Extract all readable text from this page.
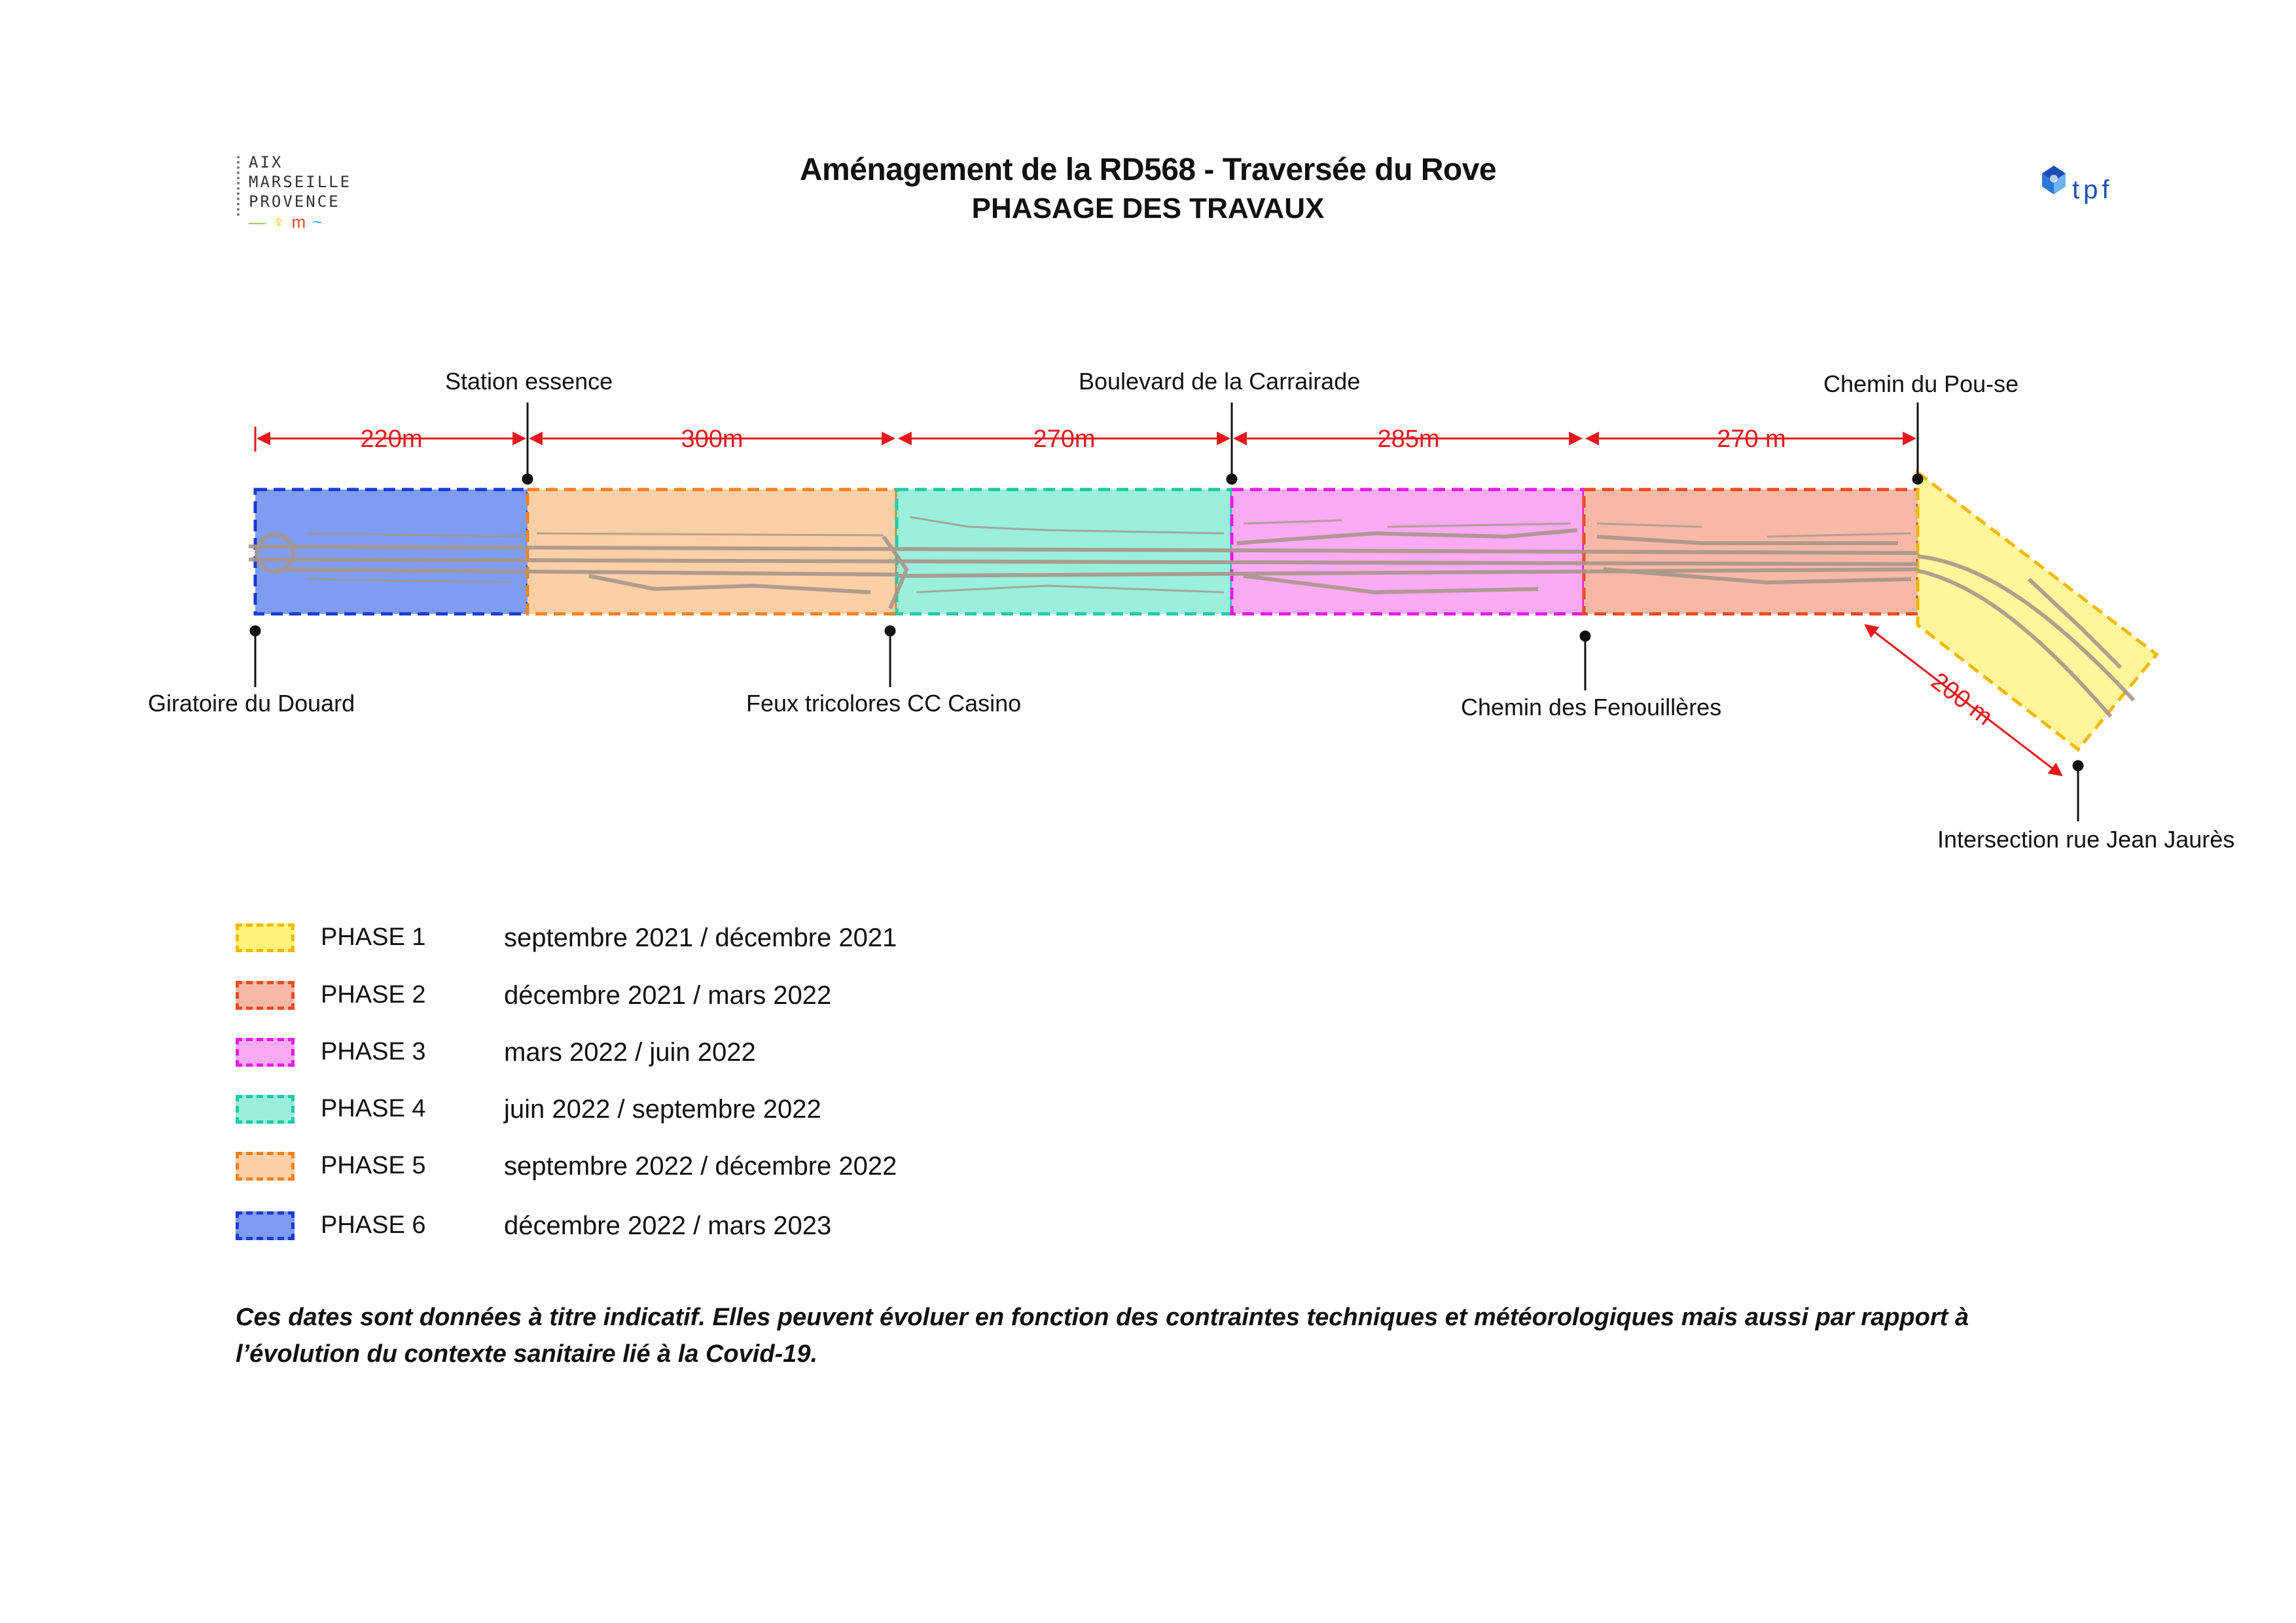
AIX
MARSEILLE
PROVENCE
—♀m~
tpf
Aménagement de la RD568 - Traversée du Rove
PHASAGE DES TRAVAUX
220m	300m	270m	285m	270 m
200 m
Station essence	Boulevard de la Carrairade	Chemin du Pou-se
Giratoire du Douard	Feux tricolores CC Casino	Chemin des Fenouillères
Intersection rue Jean Jaurès
PHASE 1	septembre 2021 / décembre 2021
PHASE 2	décembre 2021 / mars 2022
PHASE 3	mars 2022 / juin 2022
PHASE 4	juin 2022 / septembre 2022
PHASE 5	septembre 2022 / décembre 2022
PHASE 6	décembre 2022 / mars 2023
Ces dates sont données à titre indicatif. Elles peuvent évoluer en fonction des contraintes techniques et météorologiques mais aussi par rapport à l’évolution du contexte sanitaire lié à la Covid-19.
